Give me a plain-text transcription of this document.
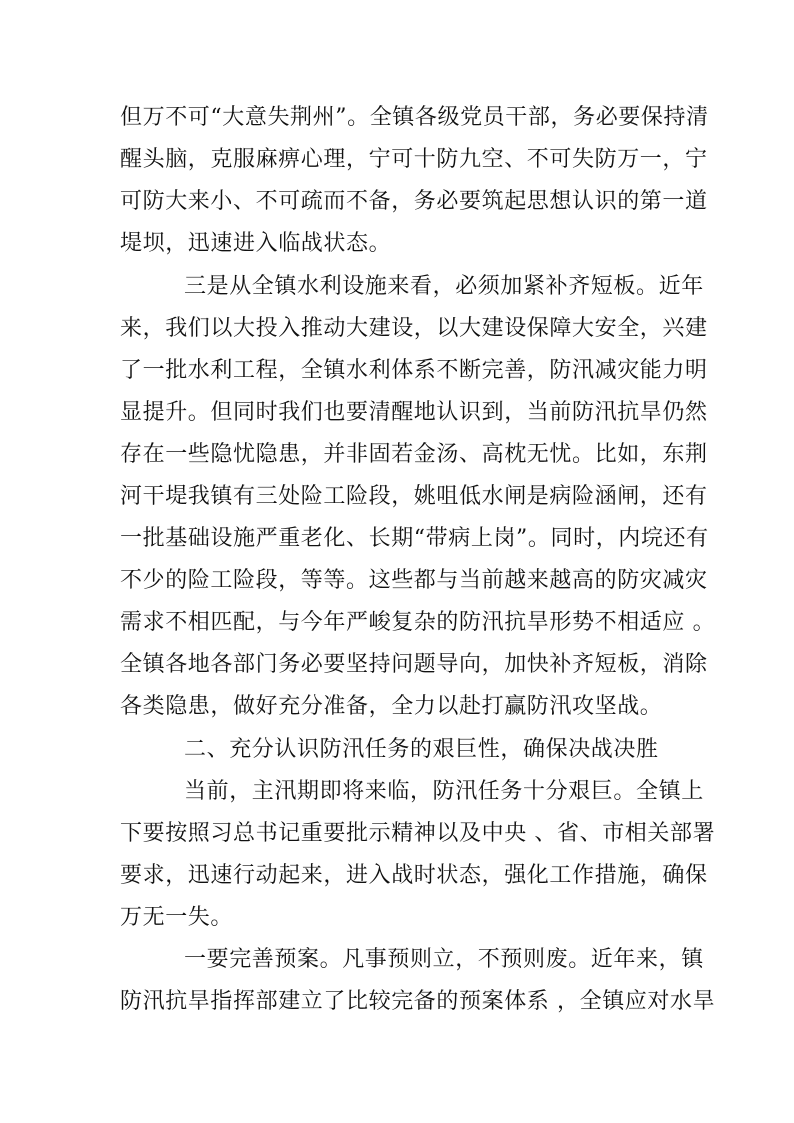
但万不可“大意失荆州”。全镇各级党员干部，务必要保持清
醒头脑，克服麻痹心理，宁可十防九空、不可失防万一，宁
可防大来小、不可疏而不备，务必要筑起思想认识的第一道
堤坝，迅速进入临战状态。
三是从全镇水利设施来看，必须加紧补齐短板。近年
来，我们以大投入推动大建设，以大建设保障大安全，兴建
了一批水利工程，全镇水利体系不断完善，防汛减灾能力明
显提升。但同时我们也要清醒地认识到，当前防汛抗旱仍然
存在一些隐忧隐患，并非固若金汤、高枕无忧。比如，东荆
河干堤我镇有三处险工险段，姚咀低水闸是病险涵闸，还有
一批基础设施严重老化、长期“带病上岗”。同时，内垸还有
不少的险工险段，等等。这些都与当前越来越高的防灾减灾
需求不相匹配，与今年严峻复杂的防汛抗旱形势不相适应 。
全镇各地各部门务必要坚持问题导向，加快补齐短板，消除
各类隐患，做好充分准备，全力以赴打赢防汛攻坚战。
二、充分认识防汛任务的艰巨性，确保决战决胜
当前，主汛期即将来临，防汛任务十分艰巨。全镇上
下要按照习总书记重要批示精神以及中央 、省、市相关部署
要求，迅速行动起来，进入战时状态，强化工作措施，确保
万无一失。
一要完善预案。凡事预则立，不预则废。近年来，镇
防汛抗旱指挥部建立了比较完备的预案体系 ，全镇应对水旱
